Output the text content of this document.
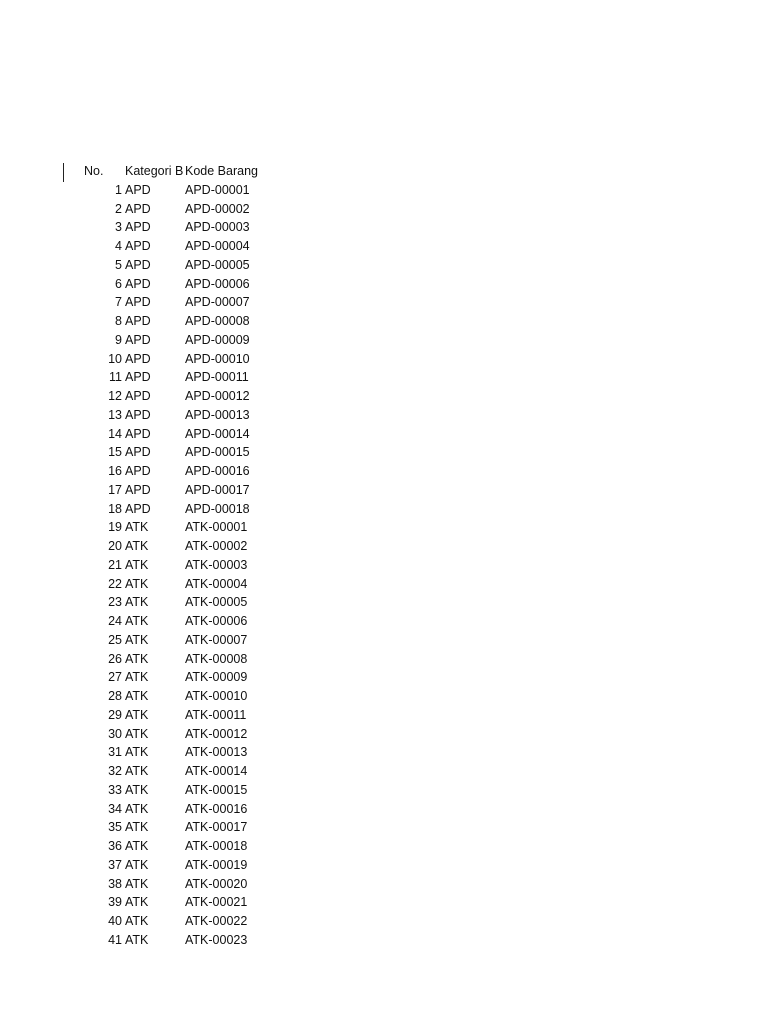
No. Kategori B Kode Barang
1 APD	APD-00001
2 APD	APD-00002
3 APD	APD-00003
4 APD	APD-00004
5 APD	APD-00005
6 APD	APD-00006
7 APD	APD-00007
8 APD	APD-00008
9 APD	APD-00009
10 APD	APD-00010
11 APD	APD-00011
12 APD	APD-00012
13 APD	APD-00013
14 APD	APD-00014
15 APD	APD-00015
16 APD	APD-00016
17 APD	APD-00017
18 APD	APD-00018
19 ATK	ATK-00001
20 ATK	ATK-00002
21 ATK	ATK-00003
22 ATK	ATK-00004
23 ATK	ATK-00005
24 ATK	ATK-00006
25 ATK	ATK-00007
26 ATK	ATK-00008
27 ATK	ATK-00009
28 ATK	ATK-00010
29 ATK	ATK-00011
30 ATK	ATK-00012
31 ATK	ATK-00013
32 ATK	ATK-00014
33 ATK	ATK-00015
34 ATK	ATK-00016
35 ATK	ATK-00017
36 ATK	ATK-00018
37 ATK	ATK-00019
38 ATK	ATK-00020
39 ATK	ATK-00021
40 ATK	ATK-00022
41 ATK	ATK-00023
